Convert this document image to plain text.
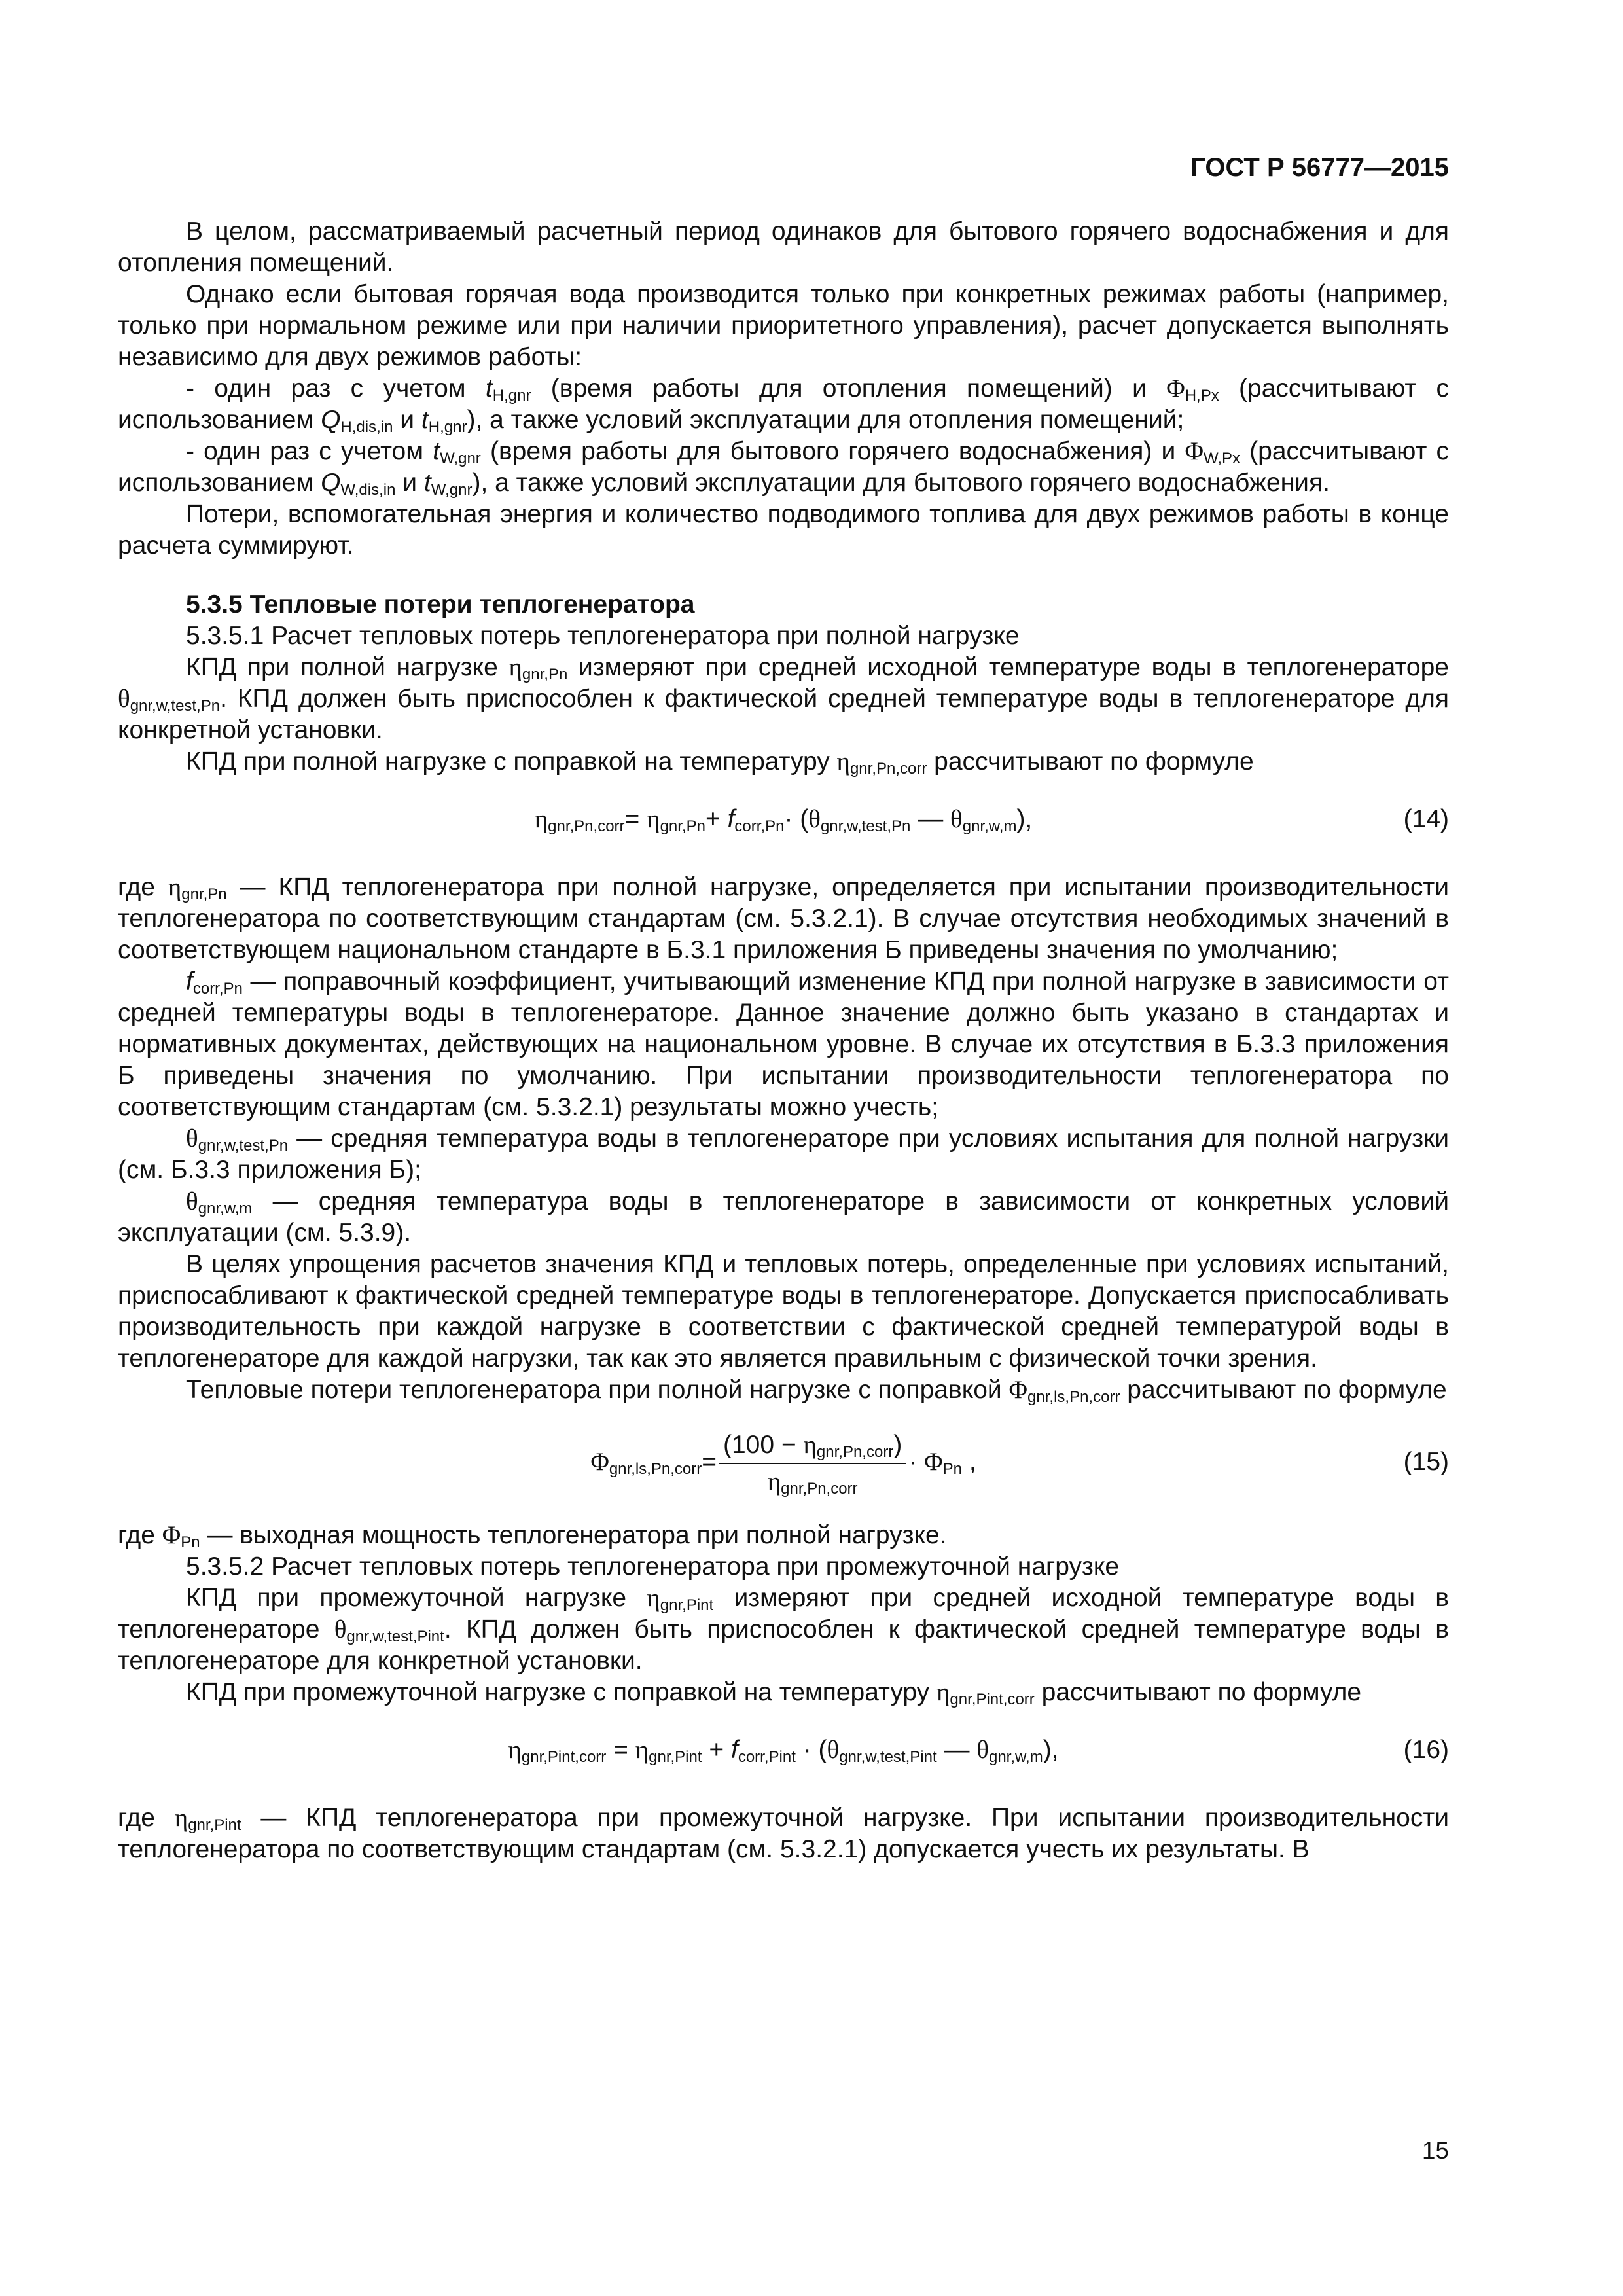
ГОСТ Р 56777—2015

В целом, рассматриваемый расчетный период одинаков для бытового горячего водоснабжения и для отопления помещений.

Однако если бытовая горячая вода производится только при конкретных режимах работы (например, только при нормальном режиме или при наличии приоритетного управления), расчет допускается выполнять независимо для двух режимов работы:

- один раз с учетом $t_{H,gnr}$ (время работы для отопления помещений) и $\Phi_{H,Px}$ (рассчитывают с использованием $Q_{H,dis,in}$ и $t_{H,gnr}$), а также условий эксплуатации для отопления помещений;

- один раз с учетом $t_{W,gnr}$ (время работы для бытового горячего водоснабжения) и $\Phi_{W,Px}$ (рассчитывают с использованием $Q_{W,dis,in}$ и $t_{W,gnr}$), а также условий эксплуатации для бытового горячего водоснабжения.

Потери, вспомогательная энергия и количество подводимого топлива для двух режимов работы в конце расчета суммируют.

5.3.5 Тепловые потери теплогенератора

5.3.5.1 Расчет тепловых потерь теплогенератора при полной нагрузке

КПД при полной нагрузке $\eta_{gnr,Pn}$ измеряют при средней исходной температуре воды в теплогенераторе $\theta_{gnr,w,test,Pn}$. КПД должен быть приспособлен к фактической средней температуре воды в теплогенераторе для конкретной установки.

КПД при полной нагрузке с поправкой на температуру $\eta_{gnr,Pn,corr}$ рассчитывают по формуле

$\eta_{gnr,Pn,corr}= \eta_{gnr,Pn}+ f_{corr,Pn}\cdot (\theta_{gnr,w,test,Pn}$ — $\theta_{gnr,w,m}$),	(14)

где $\eta_{gnr,Pn}$ — КПД теплогенератора при полной нагрузке, определяется при испытании производительности теплогенератора по соответствующим стандартам (см. 5.3.2.1). В случае отсутствия необходимых значений в соответствующем национальном стандарте в Б.3.1 приложения Б приведены значения по умолчанию;

$f_{corr,Pn}$ — поправочный коэффициент, учитывающий изменение КПД при полной нагрузке в зависимости от средней температуры воды в теплогенераторе. Данное значение должно быть указано в стандартах и нормативных документах, действующих на национальном уровне. В случае их отсутствия в Б.3.3 приложения Б приведены значения по умолчанию. При испытании производительности теплогенератора по соответствующим стандартам (см. 5.3.2.1) результаты можно учесть;

$\theta_{gnr,w,test,Pn}$ — средняя температура воды в теплогенераторе при условиях испытания для полной нагрузки (см. Б.3.3 приложения Б);

$\theta_{gnr,w,m}$ — средняя температура воды в теплогенераторе в зависимости от конкретных условий эксплуатации (см. 5.3.9).

В целях упрощения расчетов значения КПД и тепловых потерь, определенные при условиях испытаний, приспосабливают к фактической средней температуре воды в теплогенераторе. Допускается приспосабливать производительность при каждой нагрузке в соответствии с фактической средней температурой воды в теплогенераторе для каждой нагрузки, так как это является правильным с физической точки зрения.

Тепловые потери теплогенератора при полной нагрузке с поправкой $\Phi_{gnr,ls,Pn,corr}$ рассчитывают по формуле

$\Phi_{gnr,ls,Pn,corr}= \frac{(100 - \eta_{gnr,Pn,corr})}{\eta_{gnr,Pn,corr}} \cdot \Phi_{Pn}$ ,	(15)

где $\Phi_{Pn}$ — выходная мощность теплогенератора при полной нагрузке.

5.3.5.2 Расчет тепловых потерь теплогенератора при промежуточной нагрузке

КПД при промежуточной нагрузке $\eta_{gnr,Pint}$ измеряют при средней исходной температуре воды в теплогенераторе $\theta_{gnr,w,test,Pint}$. КПД должен быть приспособлен к фактической средней температуре воды в теплогенераторе для конкретной установки.

КПД при промежуточной нагрузке с поправкой на температуру $\eta_{gnr,Pint,corr}$ рассчитывают по формуле

$\eta_{gnr,Pint,corr} = \eta_{gnr,Pint} + f_{corr,Pint} \cdot (\theta_{gnr,w,test,Pint}$ — $\theta_{gnr,w,m}$),	(16)

где $\eta_{gnr,Pint}$ — КПД теплогенератора при промежуточной нагрузке. При испытании производительности теплогенератора по соответствующим стандартам (см. 5.3.2.1) допускается учесть их результаты. В

15
